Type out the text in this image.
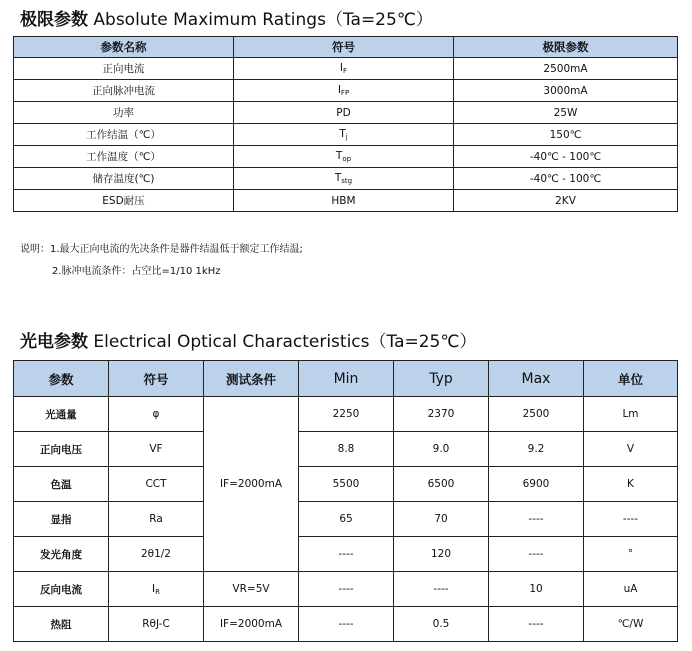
极限参数 Absolute Maximum Ratings（Ta=25℃）
参数名称	符号	极限参数
正向电流	$I_F$	2500mA
正向脉冲电流	$I_{FP}$	3000mA
功率	PD	25W
工作结温（℃）	$T_j$	150℃
工作温度（℃）	$T_{op}$	-40℃ - 100℃
储存温度(℃)	$T_{stg}$	-40℃ - 100℃
ESD耐压	HBM	2KV
说明：1.最大正向电流的先决条件是器件结温低于额定工作结温;
2.脉冲电流条件：占空比=1/10 1kHz
光电参数 Electrical Optical Characteristics（Ta=25℃）
参数	符号	测试条件	Min	Typ	Max	单位
光通量	φ	IF=2000mA	2250	2370	2500	Lm
正向电压	VF		8.8	9.0	9.2	V
色温	CCT		5500	6500	6900	K
显指	Ra		65	70	----	----
发光角度	2θ1/2		----	120	----	°
反向电流	$I_R$	VR=5V	----	----	10	uA
热阻	RθJ-C	IF=2000mA	----	0.5	----	℃/W
